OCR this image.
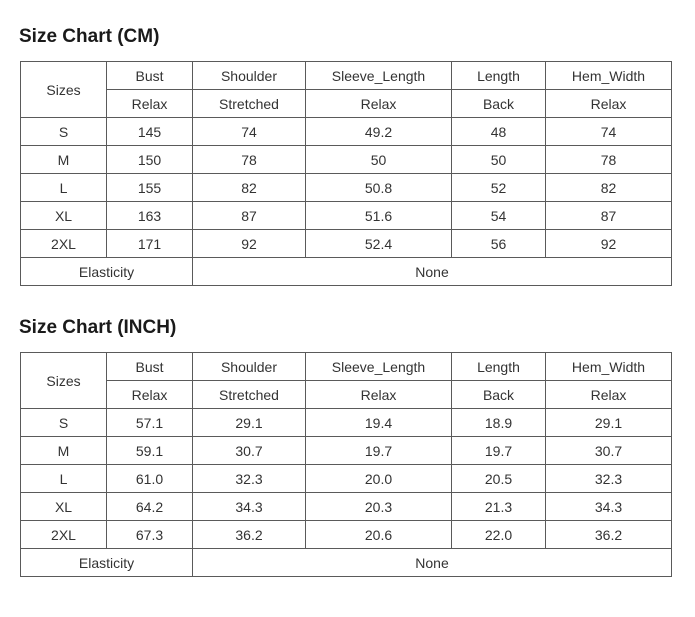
Size Chart (CM)
Sizes	Bust	Shoulder	Sleeve_Length	Length	Hem_Width
	Relax	Stretched	Relax	Back	Relax
S	145	74	49.2	48	74
M	150	78	50	50	78
L	155	82	50.8	52	82
XL	163	87	51.6	54	87
2XL	171	92	52.4	56	92
Elasticity		None			
Size Chart (INCH)
Sizes	Bust	Shoulder	Sleeve_Length	Length	Hem_Width
	Relax	Stretched	Relax	Back	Relax
S	57.1	29.1	19.4	18.9	29.1
M	59.1	30.7	19.7	19.7	30.7
L	61.0	32.3	20.0	20.5	32.3
XL	64.2	34.3	20.3	21.3	34.3
2XL	67.3	36.2	20.6	22.0	36.2
Elasticity		None			
